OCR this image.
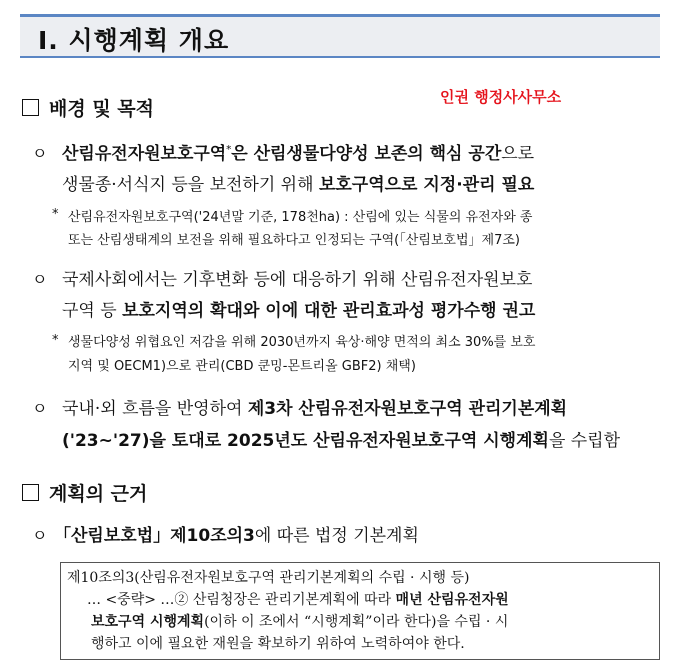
Ⅰ. 시행계획 개요
인권 행정사사무소
배경 및 목적
ㅇ 산림유전자원보호구역*은 산림생물다양성 보존의 핵심 공간으로
생물종·서식지 등을 보전하기 위해 보호구역으로 지정·관리 필요
* 산림유전자원보호구역('24년말 기준, 178천ha) : 산림에 있는 식물의 유전자와 종
또는 산림생태계의 보전을 위해 필요하다고 인정되는 구역(「산림보호법」제7조)
ㅇ 국제사회에서는 기후변화 등에 대응하기 위해 산림유전자원보호
구역 등 보호지역의 확대와 이에 대한 관리효과성 평가수행 권고
* 생물다양성 위협요인 저감을 위해 2030년까지 육상·해양 면적의 최소 30%를 보호
지역 및 OECM1)으로 관리(CBD 쿤밍-몬트리올 GBF2) 채택)
ㅇ 국내·외 흐름을 반영하여 제3차 산림유전자원보호구역 관리기본계획
('23~'27)을 토대로 2025년도 산림유전자원보호구역 시행계획을 수립함
계획의 근거
ㅇ 「산림보호법」제10조의3에 따른 법정 기본계획
제10조의3(산림유전자원보호구역 관리기본계획의 수립 · 시행 등)
… <중략> …② 산림청장은 관리기본계획에 따라 매년 산림유전자원
보호구역 시행계획(이하 이 조에서 “시행계획”이라 한다)을 수립 · 시
행하고 이에 필요한 재원을 확보하기 위하여 노력하여야 한다.
